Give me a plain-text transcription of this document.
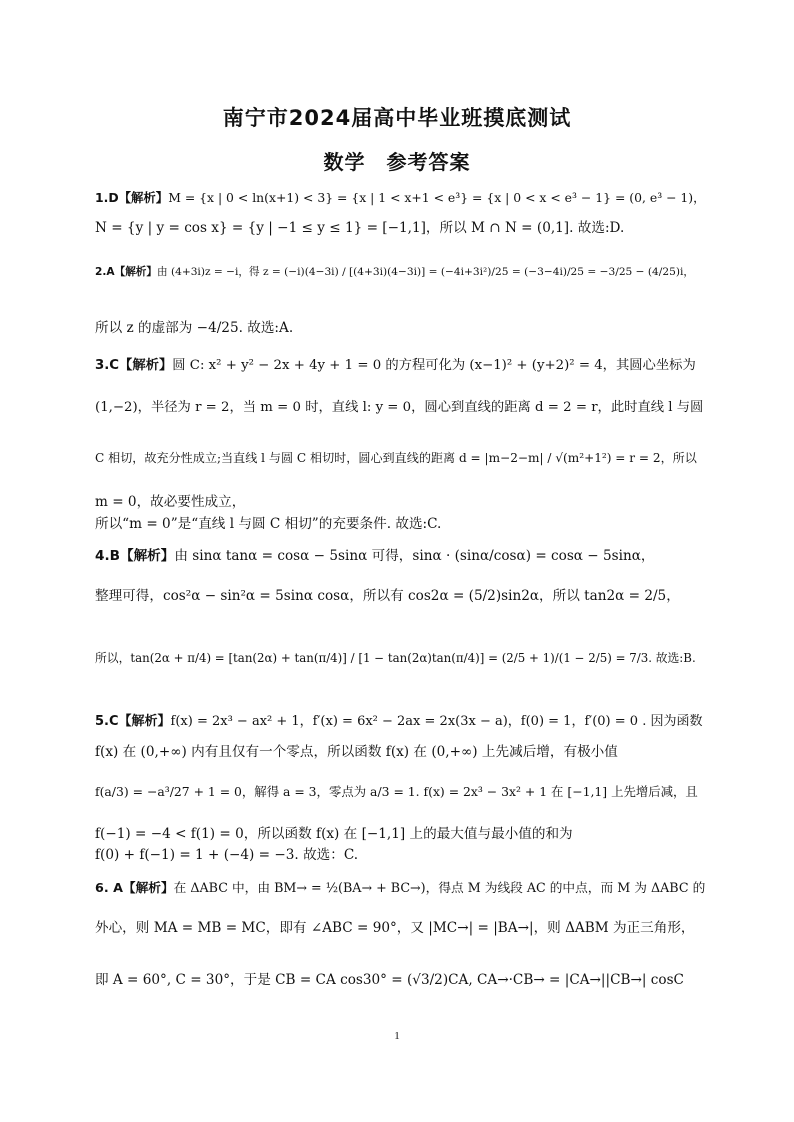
南宁市2024届高中毕业班摸底测试
数学　参考答案
1.D【解析】M = {x | 0 < ln(x+1) < 3} = {x | 1 < x+1 < e³} = {x | 0 < x < e³ − 1} = (0, e³ − 1)，
N = {y | y = cos x} = {y | −1 ≤ y ≤ 1} = [−1,1]，所以 M ∩ N = (0,1]. 故选:D.
2.A【解析】由 (4+3i)z = −i，得 z = (−i)(4−3i) / [(4+3i)(4−3i)] = (−4i+3i²)/25 = (−3−4i)/25 = −3/25 − (4/25)i，
所以 z 的虚部为 −4/25. 故选:A.
3.C【解析】圆 C: x² + y² − 2x + 4y + 1 = 0 的方程可化为 (x−1)² + (y+2)² = 4，其圆心坐标为
(1,−2)，半径为 r = 2，当 m = 0 时，直线 l: y = 0，圆心到直线的距离 d = 2 = r，此时直线 l 与圆
C 相切，故充分性成立;当直线 l 与圆 C 相切时，圆心到直线的距离 d = |m−2−m| / √(m²+1²) = r = 2，所以
m = 0，故必要性成立，
所以“m = 0”是“直线 l 与圆 C 相切”的充要条件. 故选:C.
4.B【解析】由 sinα tanα = cosα − 5sinα 可得，sinα · (sinα/cosα) = cosα − 5sinα，
整理可得，cos²α − sin²α = 5sinα cosα，所以有 cos2α = (5/2)sin2α，所以 tan2α = 2/5，
所以，tan(2α + π/4) = [tan(2α) + tan(π/4)] / [1 − tan(2α)tan(π/4)] = (2/5 + 1)/(1 − 2/5) = 7/3. 故选:B.
5.C【解析】f(x) = 2x³ − ax² + 1，f′(x) = 6x² − 2ax = 2x(3x − a)，f(0) = 1，f′(0) = 0 . 因为函数
f(x) 在 (0,+∞) 内有且仅有一个零点，所以函数 f(x) 在 (0,+∞) 上先减后增，有极小值
f(a/3) = −a³/27 + 1 = 0，解得 a = 3，零点为 a/3 = 1. f(x) = 2x³ − 3x² + 1 在 [−1,1] 上先增后减，且
f(−1) = −4 < f(1) = 0，所以函数 f(x) 在 [−1,1] 上的最大值与最小值的和为
f(0) + f(−1) = 1 + (−4) = −3. 故选：C.
6. A【解析】在 ΔABC 中，由 BM→ = ½(BA→ + BC→)，得点 M 为线段 AC 的中点，而 M 为 ΔABC 的
外心，则 MA = MB = MC，即有 ∠ABC = 90°，又 |MC→| = |BA→|，则 ΔABM 为正三角形，
即 A = 60°, C = 30°，于是 CB = CA cos30° = (√3/2)CA, CA→·CB→ = |CA→||CB→| cosC
1
